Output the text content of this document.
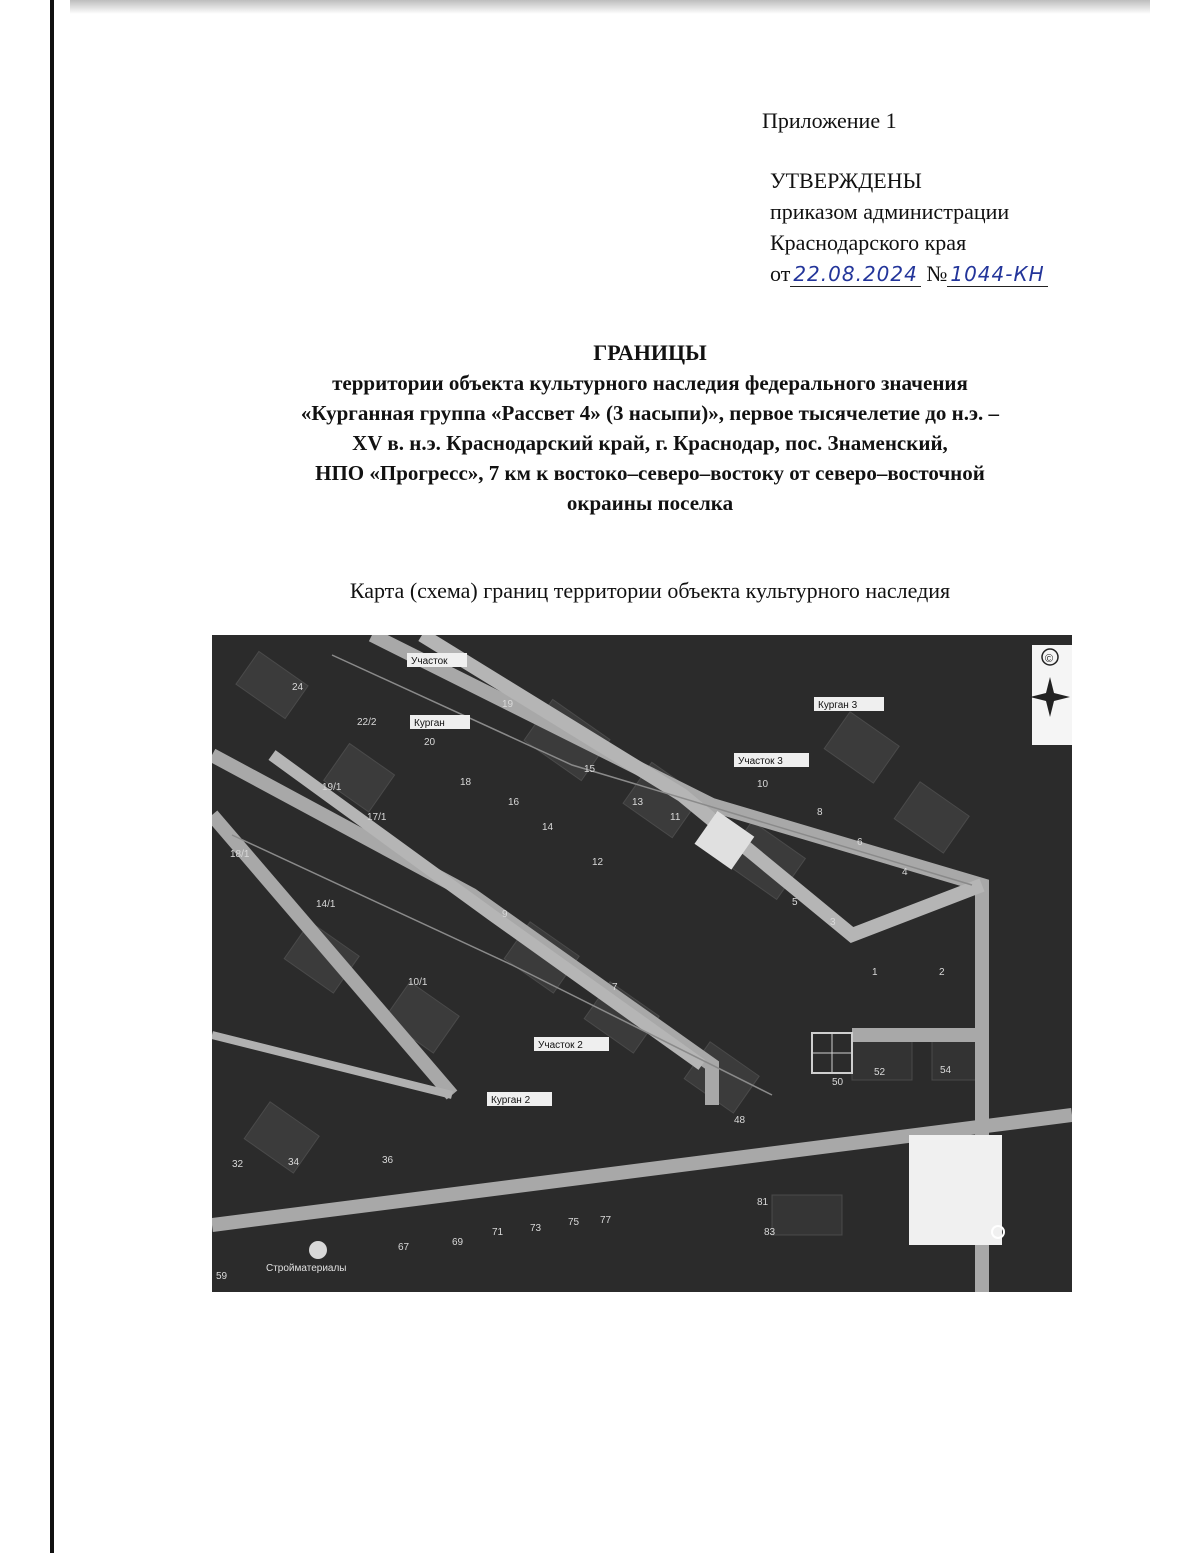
Приложение 1
УТВЕРЖДЕНЫ
приказом администрации
Краснодарского края
от 22.08.2024 № 1044-КН
ГРАНИЦЫ
территории объекта культурного наследия федерального значения
«Курганная группа «Рассвет 4» (3 насыпи)», первое тысячелетие до н.э. –
XV в. н.э. Краснодарский край, г. Краснодар, пос. Знаменский,
НПО «Прогресс», 7 км к востоко–северо–востоку от северо–восточной
окраины поселка
Карта (схема) границ территории объекта культурного наследия
24
22/2
20
19
18
16
15
14
13
12
11
10
9
8
7
6
5
4
3
2
1
17/1
19/1
18/1
14/1
10/1
48
50
52	54
36
34
32
67	69
71	73
75 77
81
83
59
Участок
Курган
Курган 3
Участок 3
Участок 2
Курган 2
Стройматериалы
©
